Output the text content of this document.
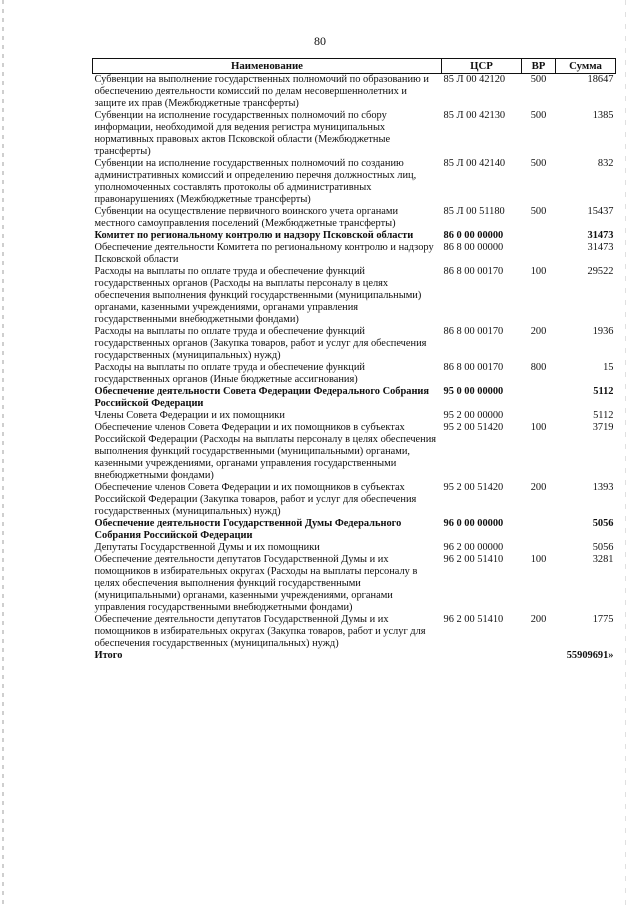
80
Наименование	ЦСР	ВР	Сумма
Субвенции на выполнение государственных полномочий по образованию и обеспечению деятельности комиссий по делам несовершеннолетних и защите их прав (Межбюджетные трансферты)	85 Л 00 42120	500	18647
Субвенции на исполнение государственных полномочий по сбору информации, необходимой для ведения регистра муниципальных нормативных правовых актов Псковской области (Межбюджетные трансферты)	85 Л 00 42130	500	1385
Субвенции на исполнение государственных полномочий по созданию административных комиссий и определению перечня должностных лиц, уполномоченных составлять протоколы об административных правонарушениях (Межбюджетные трансферты)	85 Л 00 42140	500	832
Субвенции на осуществление первичного воинского учета органами местного самоуправления поселений (Межбюджетные трансферты)	85 Л 00 51180	500	15437
Комитет по региональному контролю и надзору Псковской области	86 0 00 00000		31473
Обеспечение деятельности Комитета по региональному контролю и надзору Псковской области	86 8 00 00000		31473
Расходы на выплаты по оплате труда и обеспечение функций государственных органов (Расходы на выплаты персоналу в целях обеспечения выполнения функций государственными (муниципальными) органами, казенными учреждениями, органами управления государственными внебюджетными фондами)	86 8 00 00170	100	29522
Расходы на выплаты по оплате труда и обеспечение функций государственных органов (Закупка товаров, работ и услуг для обеспечения государственных (муниципальных) нужд)	86 8 00 00170	200	1936
Расходы на выплаты по оплате труда и обеспечение функций государственных органов (Иные бюджетные ассигнования)	86 8 00 00170	800	15
Обеспечение деятельности Совета Федерации Федерального Собрания Российской Федерации	95 0 00 00000		5112
Члены Совета Федерации и их помощники	95 2 00 00000		5112
Обеспечение членов Совета Федерации и их помощников в субъектах Российской Федерации (Расходы на выплаты персоналу в целях обеспечения выполнения функций государственными (муниципальными) органами, казенными учреждениями, органами управления государственными внебюджетными фондами)	95 2 00 51420	100	3719
Обеспечение членов Совета Федерации и их помощников в субъектах Российской Федерации (Закупка товаров, работ и услуг для обеспечения государственных (муниципальных) нужд)	95 2 00 51420	200	1393
Обеспечение деятельности Государственной Думы Федерального Собрания Российской Федерации	96 0 00 00000		5056
Депутаты Государственной Думы и их помощники	96 2 00 00000		5056
Обеспечение деятельности депутатов Государственной Думы и их помощников в избирательных округах (Расходы на выплаты персоналу в целях обеспечения выполнения функций государственными (муниципальными) органами, казенными учреждениями, органами управления государственными внебюджетными фондами)	96 2 00 51410	100	3281
Обеспечение деятельности депутатов Государственной Думы и их помощников в избирательных округах (Закупка товаров, работ и услуг для обеспечения государственных (муниципальных) нужд)	96 2 00 51410	200	1775
Итого			55909691»
